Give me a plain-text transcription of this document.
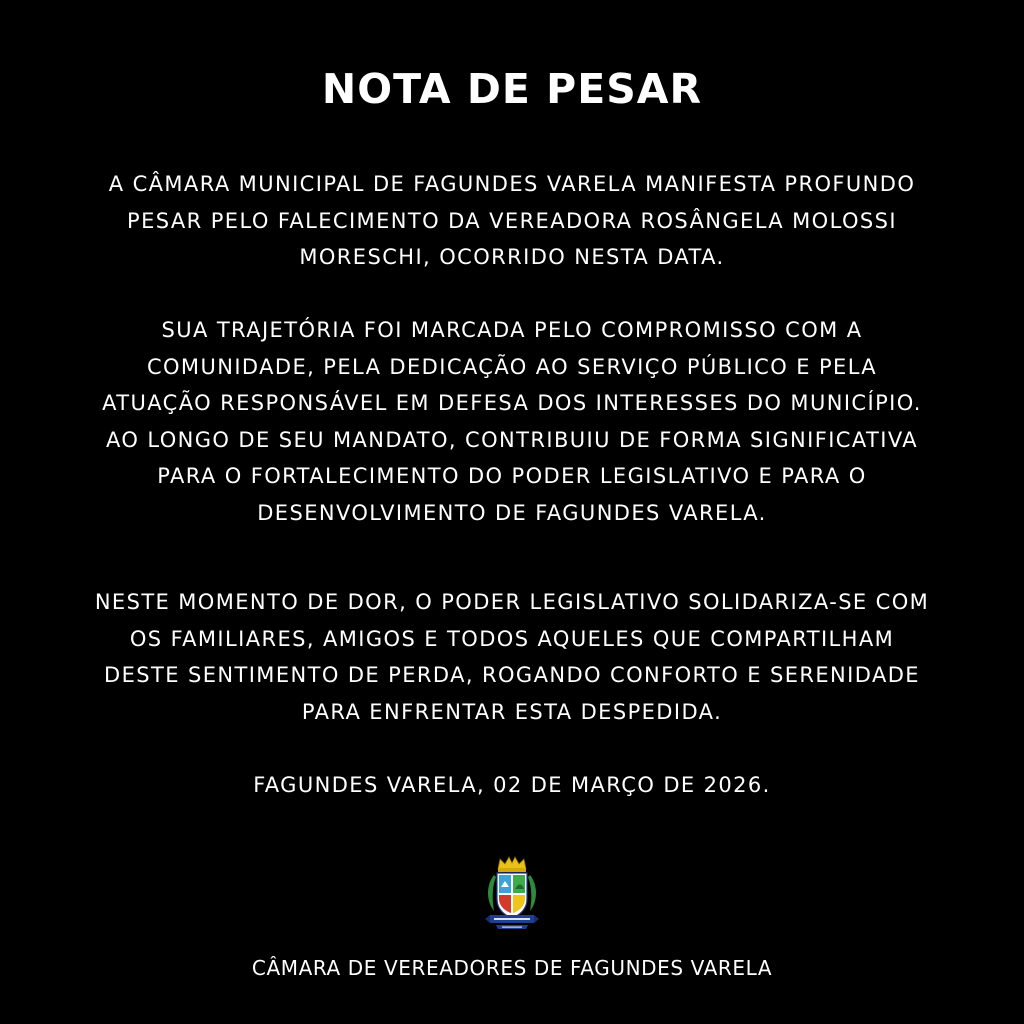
NOTA DE PESAR
A CÂMARA MUNICIPAL DE FAGUNDES VARELA MANIFESTA PROFUNDO
PESAR PELO FALECIMENTO DA VEREADORA ROSÂNGELA MOLOSSI
MORESCHI, OCORRIDO NESTA DATA.
SUA TRAJETÓRIA FOI MARCADA PELO COMPROMISSO COM A
COMUNIDADE, PELA DEDICAÇÃO AO SERVIÇO PÚBLICO E PELA
ATUAÇÃO RESPONSÁVEL EM DEFESA DOS INTERESSES DO MUNICÍPIO.
AO LONGO DE SEU MANDATO, CONTRIBUIU DE FORMA SIGNIFICATIVA
PARA O FORTALECIMENTO DO PODER LEGISLATIVO E PARA O
DESENVOLVIMENTO DE FAGUNDES VARELA.
NESTE MOMENTO DE DOR, O PODER LEGISLATIVO SOLIDARIZA-SE COM
OS FAMILIARES, AMIGOS E TODOS AQUELES QUE COMPARTILHAM
DESTE SENTIMENTO DE PERDA, ROGANDO CONFORTO E SERENIDADE
PARA ENFRENTAR ESTA DESPEDIDA.
FAGUNDES VARELA, 02 DE MARÇO DE 2026.
CÂMARA DE VEREADORES DE FAGUNDES VARELA
